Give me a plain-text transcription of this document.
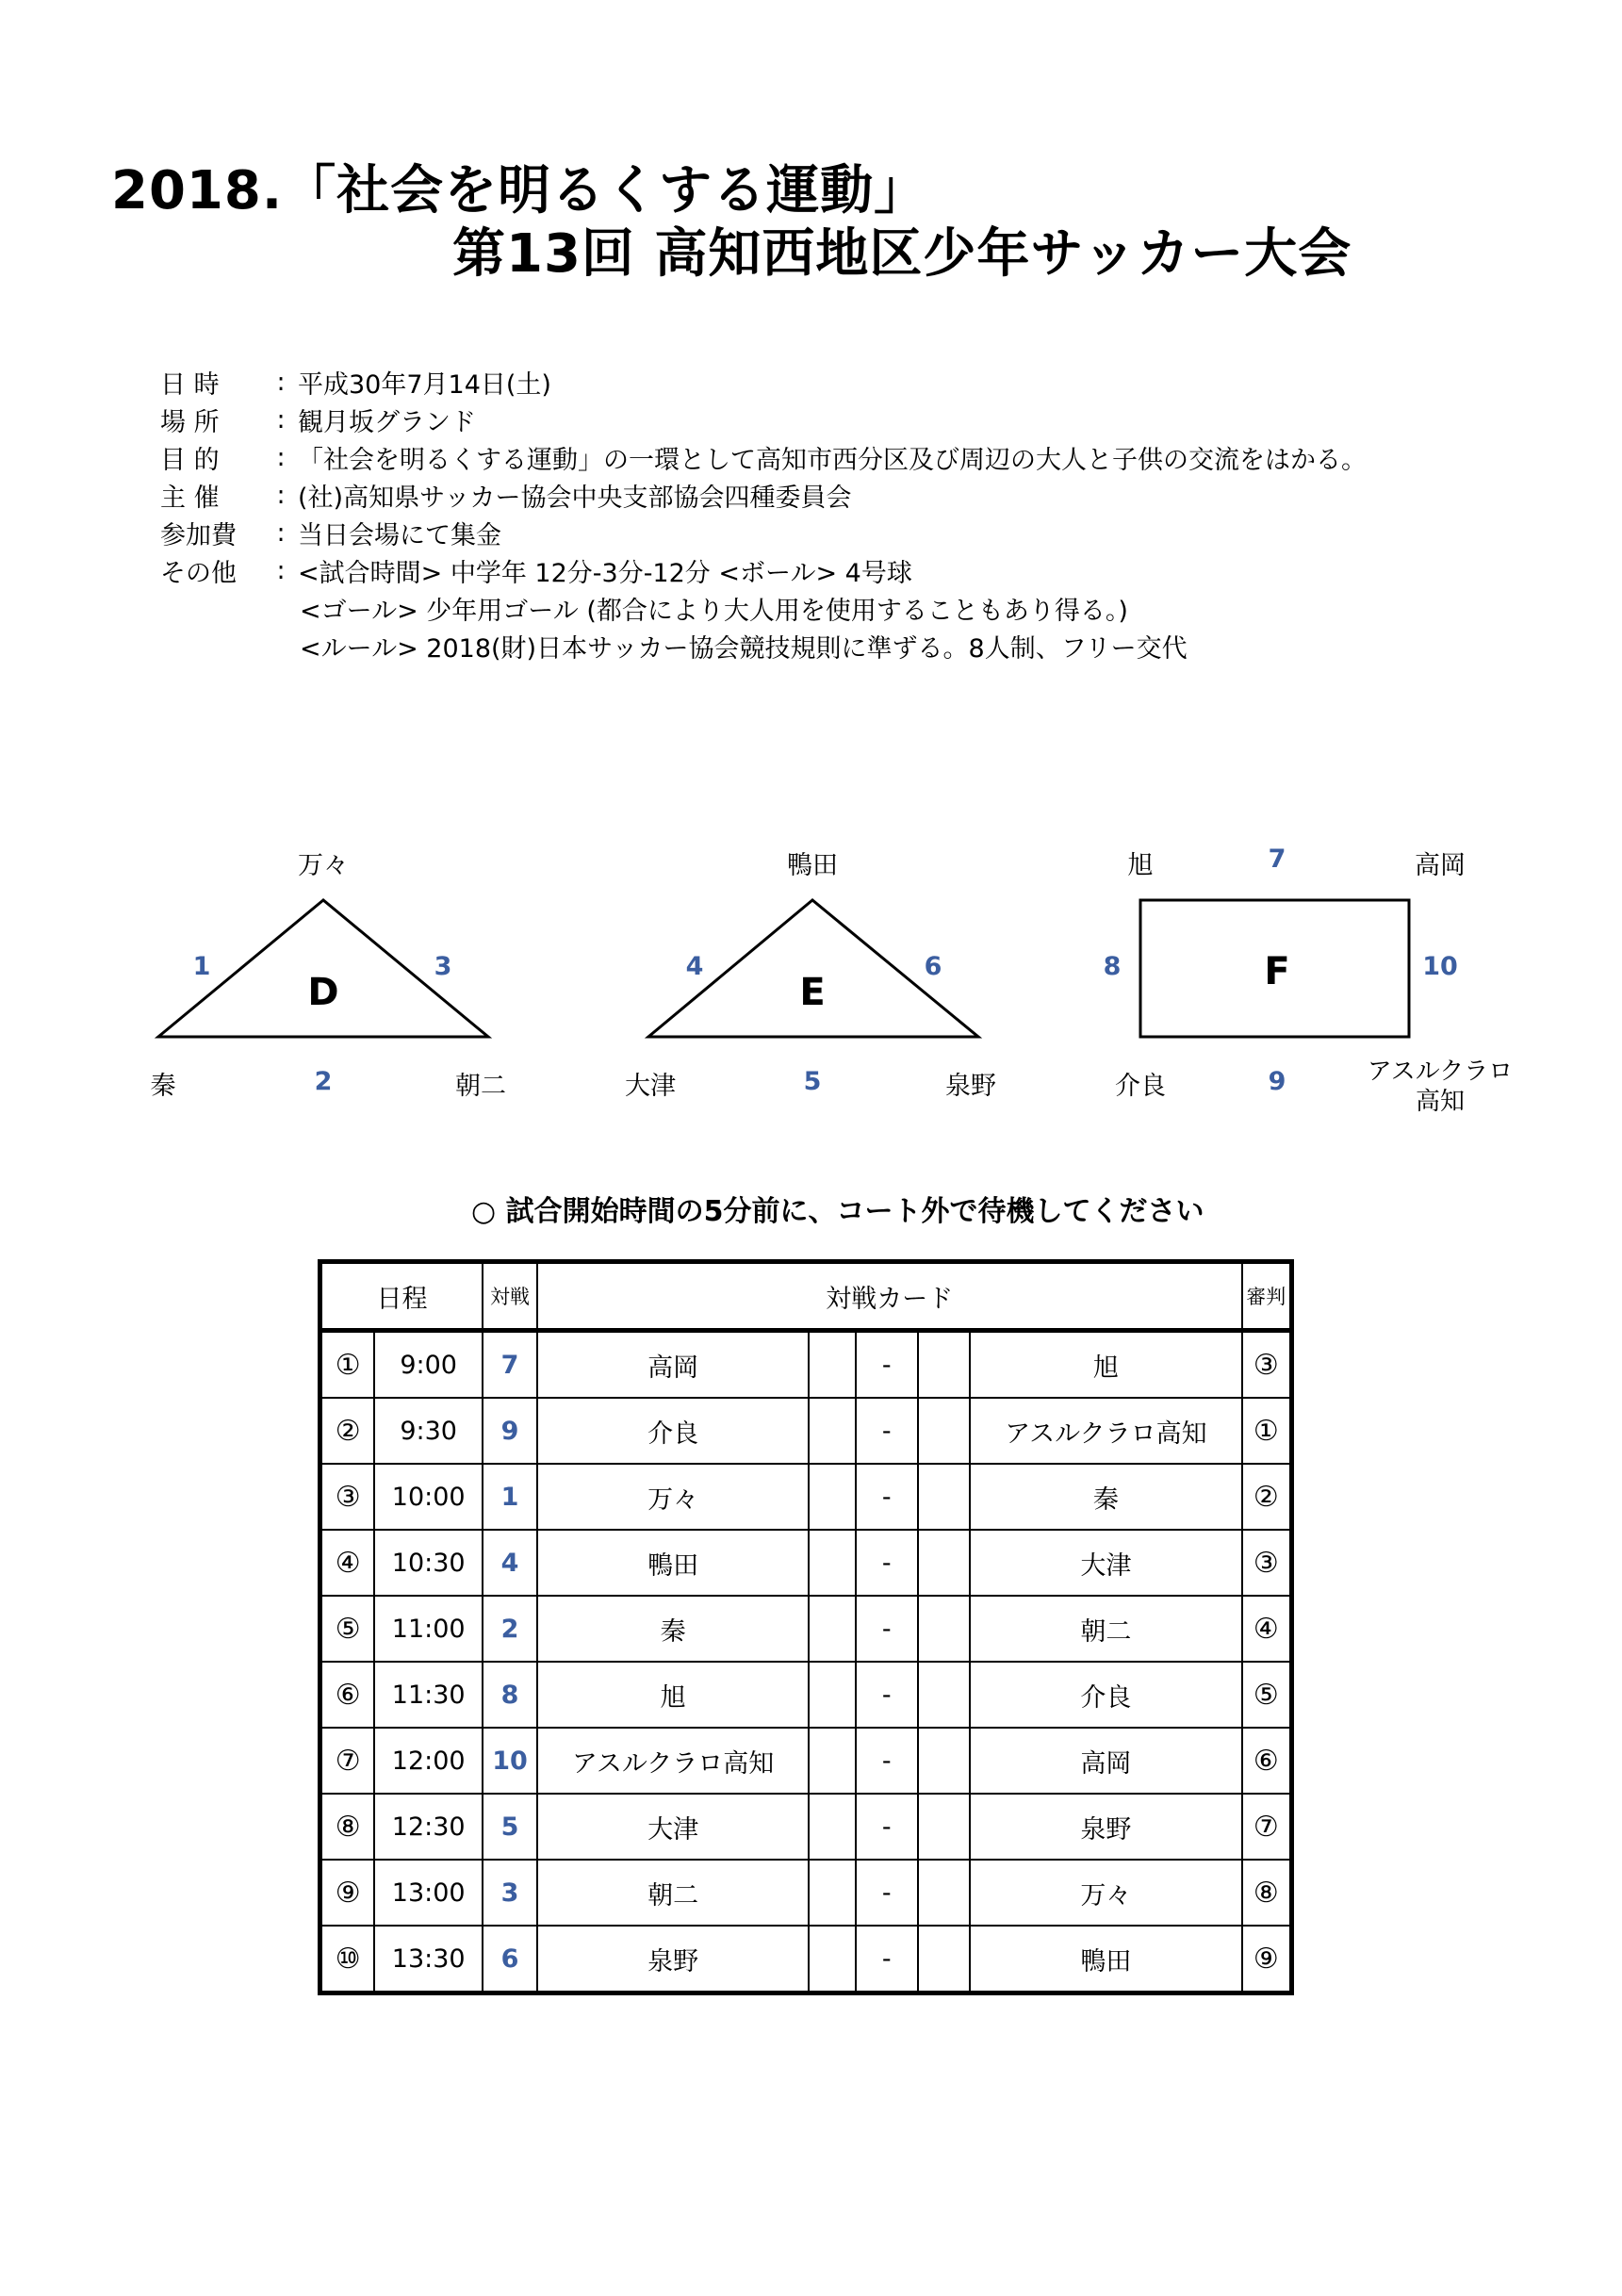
2018.「社会を明るくする運動」
第13回 高知西地区少年サッカー大会
日 時	: 平成30年7月14日(土)
場 所	: 観月坂グランド
目 的	: 「社会を明るくする運動」の一環として高知市西分区及び周辺の大人と子供の交流をはかる。
主 催	: (社)高知県サッカー協会中央支部協会四種委員会
参加費	: 当日会場にて集金
その他	: <試合時間> 中学年 12分-3分-12分 <ボール> 4号球
<ゴール> 少年用ゴール (都合により大人用を使用することもあり得る。)
<ルール> 2018(財)日本サッカー協会競技規則に準ずる。8人制、フリー交代
万々
秦	朝二
1
2
3
D
鴨田
大津	泉野
4
5
6
E
旭	高岡
介良	アスルクラロ
高知
7
8
9
10
F
○ 試合開始時間の5分前に、コート外で待機してください
日程		対戦	対戦カード					審判
①	9:00	7	高岡		-		旭	③
②	9:30	9	介良		-		アスルクラロ高知	①
③	10:00	1	万々		-		秦	②
④	10:30	4	鴨田		-		大津	③
⑤	11:00	2	秦		-		朝二	④
⑥	11:30	8	旭		-		介良	⑤
⑦	12:00	10	アスルクラロ高知		-		高岡	⑥
⑧	12:30	5	大津		-		泉野	⑦
⑨	13:00	3	朝二		-		万々	⑧
⑩	13:30	6	泉野		-		鴨田	⑨
